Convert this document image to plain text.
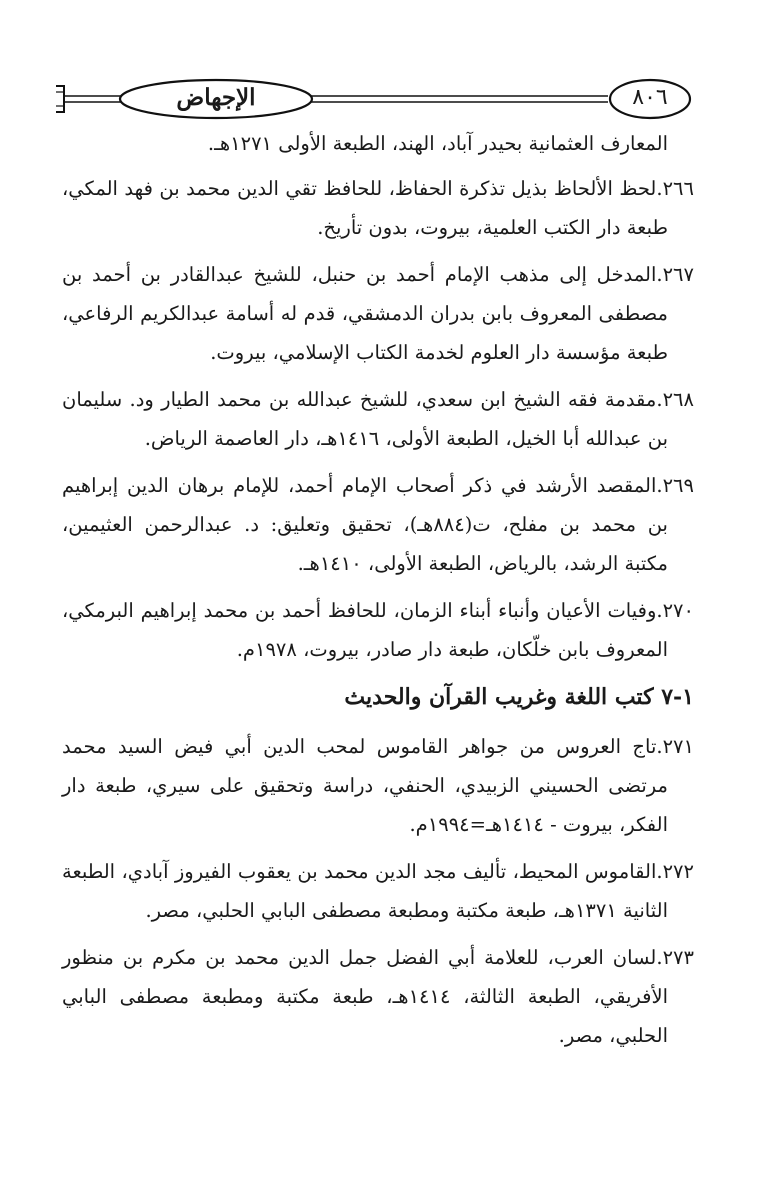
الإجهاض	٨٠٦

المعارف العثمانية بحيدر آباد، الهند، الطبعة الأولى ١٢٧١هـ.

٢٦٦.لحظ الألحاظ بذيل تذكرة الحفاظ، للحافظ تقي الدين محمد بن فهد المكي، طبعة دار الكتب العلمية، بيروت، بدون تأريخ.

٢٦٧.المدخل إلى مذهب الإمام أحمد بن حنبل، للشيخ عبدالقادر بن أحمد بن مصطفى المعروف بابن بدران الدمشقي، قدم له أسامة عبدالكريم الرفاعي، طبعة مؤسسة دار العلوم لخدمة الكتاب الإسلامي، بيروت.

٢٦٨.مقدمة فقه الشيخ ابن سعدي، للشيخ عبدالله بن محمد الطيار ود. سليمان بن عبدالله أبا الخيل، الطبعة الأولى، ١٤١٦هـ، دار العاصمة الرياض.

٢٦٩.المقصد الأرشد في ذكر أصحاب الإمام أحمد، للإمام برهان الدين إبراهيم بن محمد بن مفلح، ت(٨٨٤هـ)، تحقيق وتعليق: د. عبدالرحمن العثيمين، مكتبة الرشد، بالرياض، الطبعة الأولى، ١٤١٠هـ.

٢٧٠.وفيات الأعيان وأنباء أبناء الزمان، للحافظ أحمد بن محمد إبراهيم البرمكي، المعروف بابن خلّكان، طبعة دار صادر، بيروت، ١٩٧٨م.

١-٧ كتب اللغة وغريب القرآن والحديث

٢٧١.تاج العروس من جواهر القاموس لمحب الدين أبي فيض السيد محمد مرتضى الحسيني الزبيدي، الحنفي، دراسة وتحقيق على سيري، طبعة دار الفكر، بيروت - ١٤١٤هـ=١٩٩٤م.

٢٧٢.القاموس المحيط، تأليف مجد الدين محمد بن يعقوب الفيروز آبادي، الطبعة الثانية ١٣٧١هـ، طبعة مكتبة ومطبعة مصطفى البابي الحلبي، مصر.

٢٧٣.لسان العرب، للعلامة أبي الفضل جمل الدين محمد بن مكرم بن منظور الأفريقي، الطبعة الثالثة، ١٤١٤هـ، طبعة مكتبة ومطبعة مصطفى البابي الحلبي، مصر.
